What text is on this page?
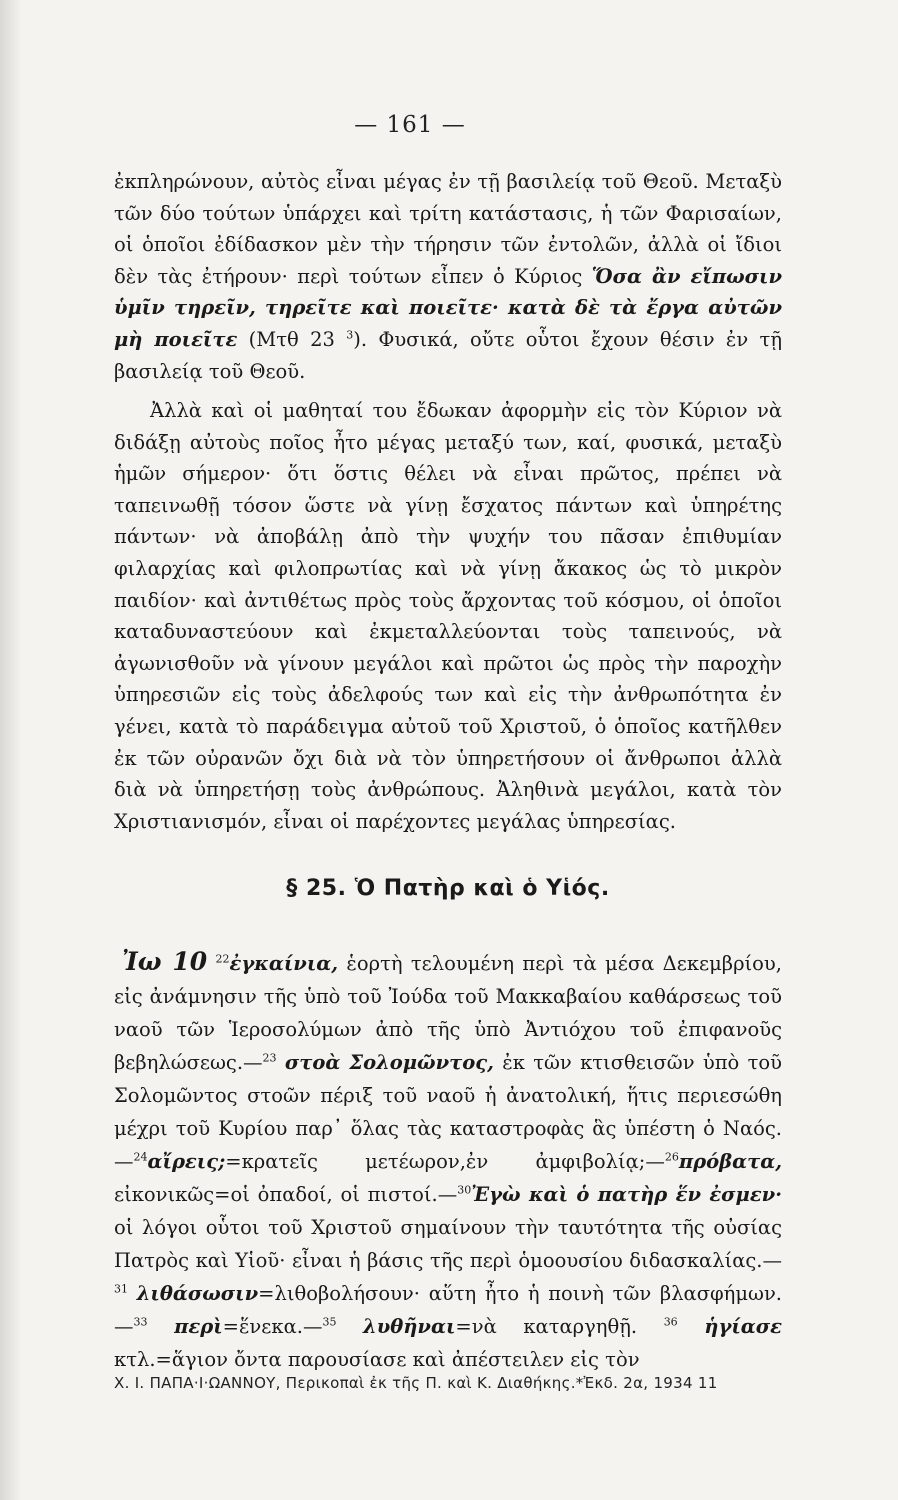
— 161 —
ἐκπληρώνουν, αὐτὸς εἶναι μέγας ἐν τῇ βασιλείᾳ τοῦ Θεοῦ. Μεταξὺ τῶν δύο τούτων ὑπάρχει καὶ τρίτη κατάστασις, ἡ τῶν Φαρισαίων, οἱ ὁποῖοι ἐδίδασκον μὲν τὴν τήρησιν τῶν ἐντολῶν, ἀλλὰ οἱ ἴδιοι δὲν τὰς ἐτήρουν· περὶ τούτων εἶπεν ὁ Κύριος Ὅσα ἂν εἴπωσιν ὑμῖν τηρεῖν, τηρεῖτε καὶ ποιεῖτε· κατὰ δὲ τὰ ἔργα αὐτῶν μὴ ποιεῖτε (Μτθ 23 $^3$). Φυσικά, οὔτε οὗτοι ἔχουν θέσιν ἐν τῇ βασιλείᾳ τοῦ Θεοῦ.
Ἀλλὰ καὶ οἱ μαθηταί του ἔδωκαν ἀφορμὴν εἰς τὸν Κύριον νὰ διδάξῃ αὐτοὺς ποῖος ἦτο μέγας μεταξύ των, καί, φυσικά, μεταξὺ ἡμῶν σήμερον· ὅτι ὅστις θέλει νὰ εἶναι πρῶτος, πρέπει νὰ ταπεινωθῇ τόσον ὥστε νὰ γίνῃ ἔσχατος πάντων καὶ ὑπηρέτης πάντων· νὰ ἀποβάλῃ ἀπὸ τὴν ψυχήν του πᾶσαν ἐπιθυμίαν φιλαρχίας καὶ φιλοπρωτίας καὶ νὰ γίνῃ ἄκακος ὡς τὸ μικρὸν παιδίον· καὶ ἀντιθέτως πρὸς τοὺς ἄρχοντας τοῦ κόσμου, οἱ ὁποῖοι καταδυναστεύουν καὶ ἐκμεταλλεύονται τοὺς ταπεινούς, νὰ ἀγωνισθοῦν νὰ γίνουν μεγάλοι καὶ πρῶτοι ὡς πρὸς τὴν παροχὴν ὑπηρεσιῶν εἰς τοὺς ἀδελφούς των καὶ εἰς τὴν ἀνθρωπότητα ἐν γένει, κατὰ τὸ παράδειγμα αὐτοῦ τοῦ Χριστοῦ, ὁ ὁποῖος κατῆλθεν ἐκ τῶν οὐρανῶν ὄχι διὰ νὰ τὸν ὑπηρετήσουν οἱ ἄνθρωποι ἀλλὰ διὰ νὰ ὑπηρετήσῃ τοὺς ἀνθρώπους. Ἀληθινὰ μεγάλοι, κατὰ τὸν Χριστιανισμόν, εἶναι οἱ παρέχοντες μεγάλας ὑπηρεσίας.
§ 25. Ὁ Πατὴρ καὶ ὁ Υἱός.
Ἰω 10 $^{22}$ἐγκαίνια, ἑορτὴ τελουμένη περὶ τὰ μέσα Δεκεμβρίου, εἰς ἀνάμνησιν τῆς ὑπὸ τοῦ Ἰούδα τοῦ Μακκαβαίου καθάρσεως τοῦ ναοῦ τῶν Ἱεροσολύμων ἀπὸ τῆς ὑπὸ Ἀντιόχου τοῦ ἐπιφανοῦς βεβηλώσεως.—$^{23}$ στοὰ Σολομῶντος, ἐκ τῶν κτισθεισῶν ὑπὸ τοῦ Σολομῶντος στοῶν πέριξ τοῦ ναοῦ ἡ ἀνατολική, ἥτις περιεσώθη μέχρι τοῦ Κυρίου παρ᾽ ὅλας τὰς καταστροφὰς ἃς ὑπέστη ὁ Ναός.—$^{24}$αἴρεις;=κρατεῖς μετέωρον,ἐν ἀμφιβολίᾳ;—$^{26}$πρόβατα, εἰκονικῶς=οἱ ὀπαδοί, οἱ πιστοί.—$^{30}$Ἐγὼ καὶ ὁ πατὴρ ἕν ἐσμεν· οἱ λόγοι οὗτοι τοῦ Χριστοῦ σημαίνουν τὴν ταυτότητα τῆς οὐσίας Πατρὸς καὶ Υἱοῦ· εἶναι ἡ βάσις τῆς περὶ ὁμοουσίου διδασκαλίας.— $^{31}$ λιθάσωσιν=λιθοβολήσουν· αὕτη ἦτο ἡ ποινὴ τῶν βλασφήμων.—$^{33}$ περὶ=ἕνεκα.—$^{35}$ λυθῆναι=νὰ καταργηθῇ. $^{36}$ ἡγίασε κτλ.=ἅγιον ὄντα παρουσίασε καὶ ἀπέστειλεν εἰς τὸν
Χ. Ι. ΠΑΠΑ·Ι·ΩΑΝΝΟΥ, Περικοπαὶ ἐκ τῆς Π. καὶ Κ. Διαθήκης.*Ἐκδ. 2α, 1934 11
